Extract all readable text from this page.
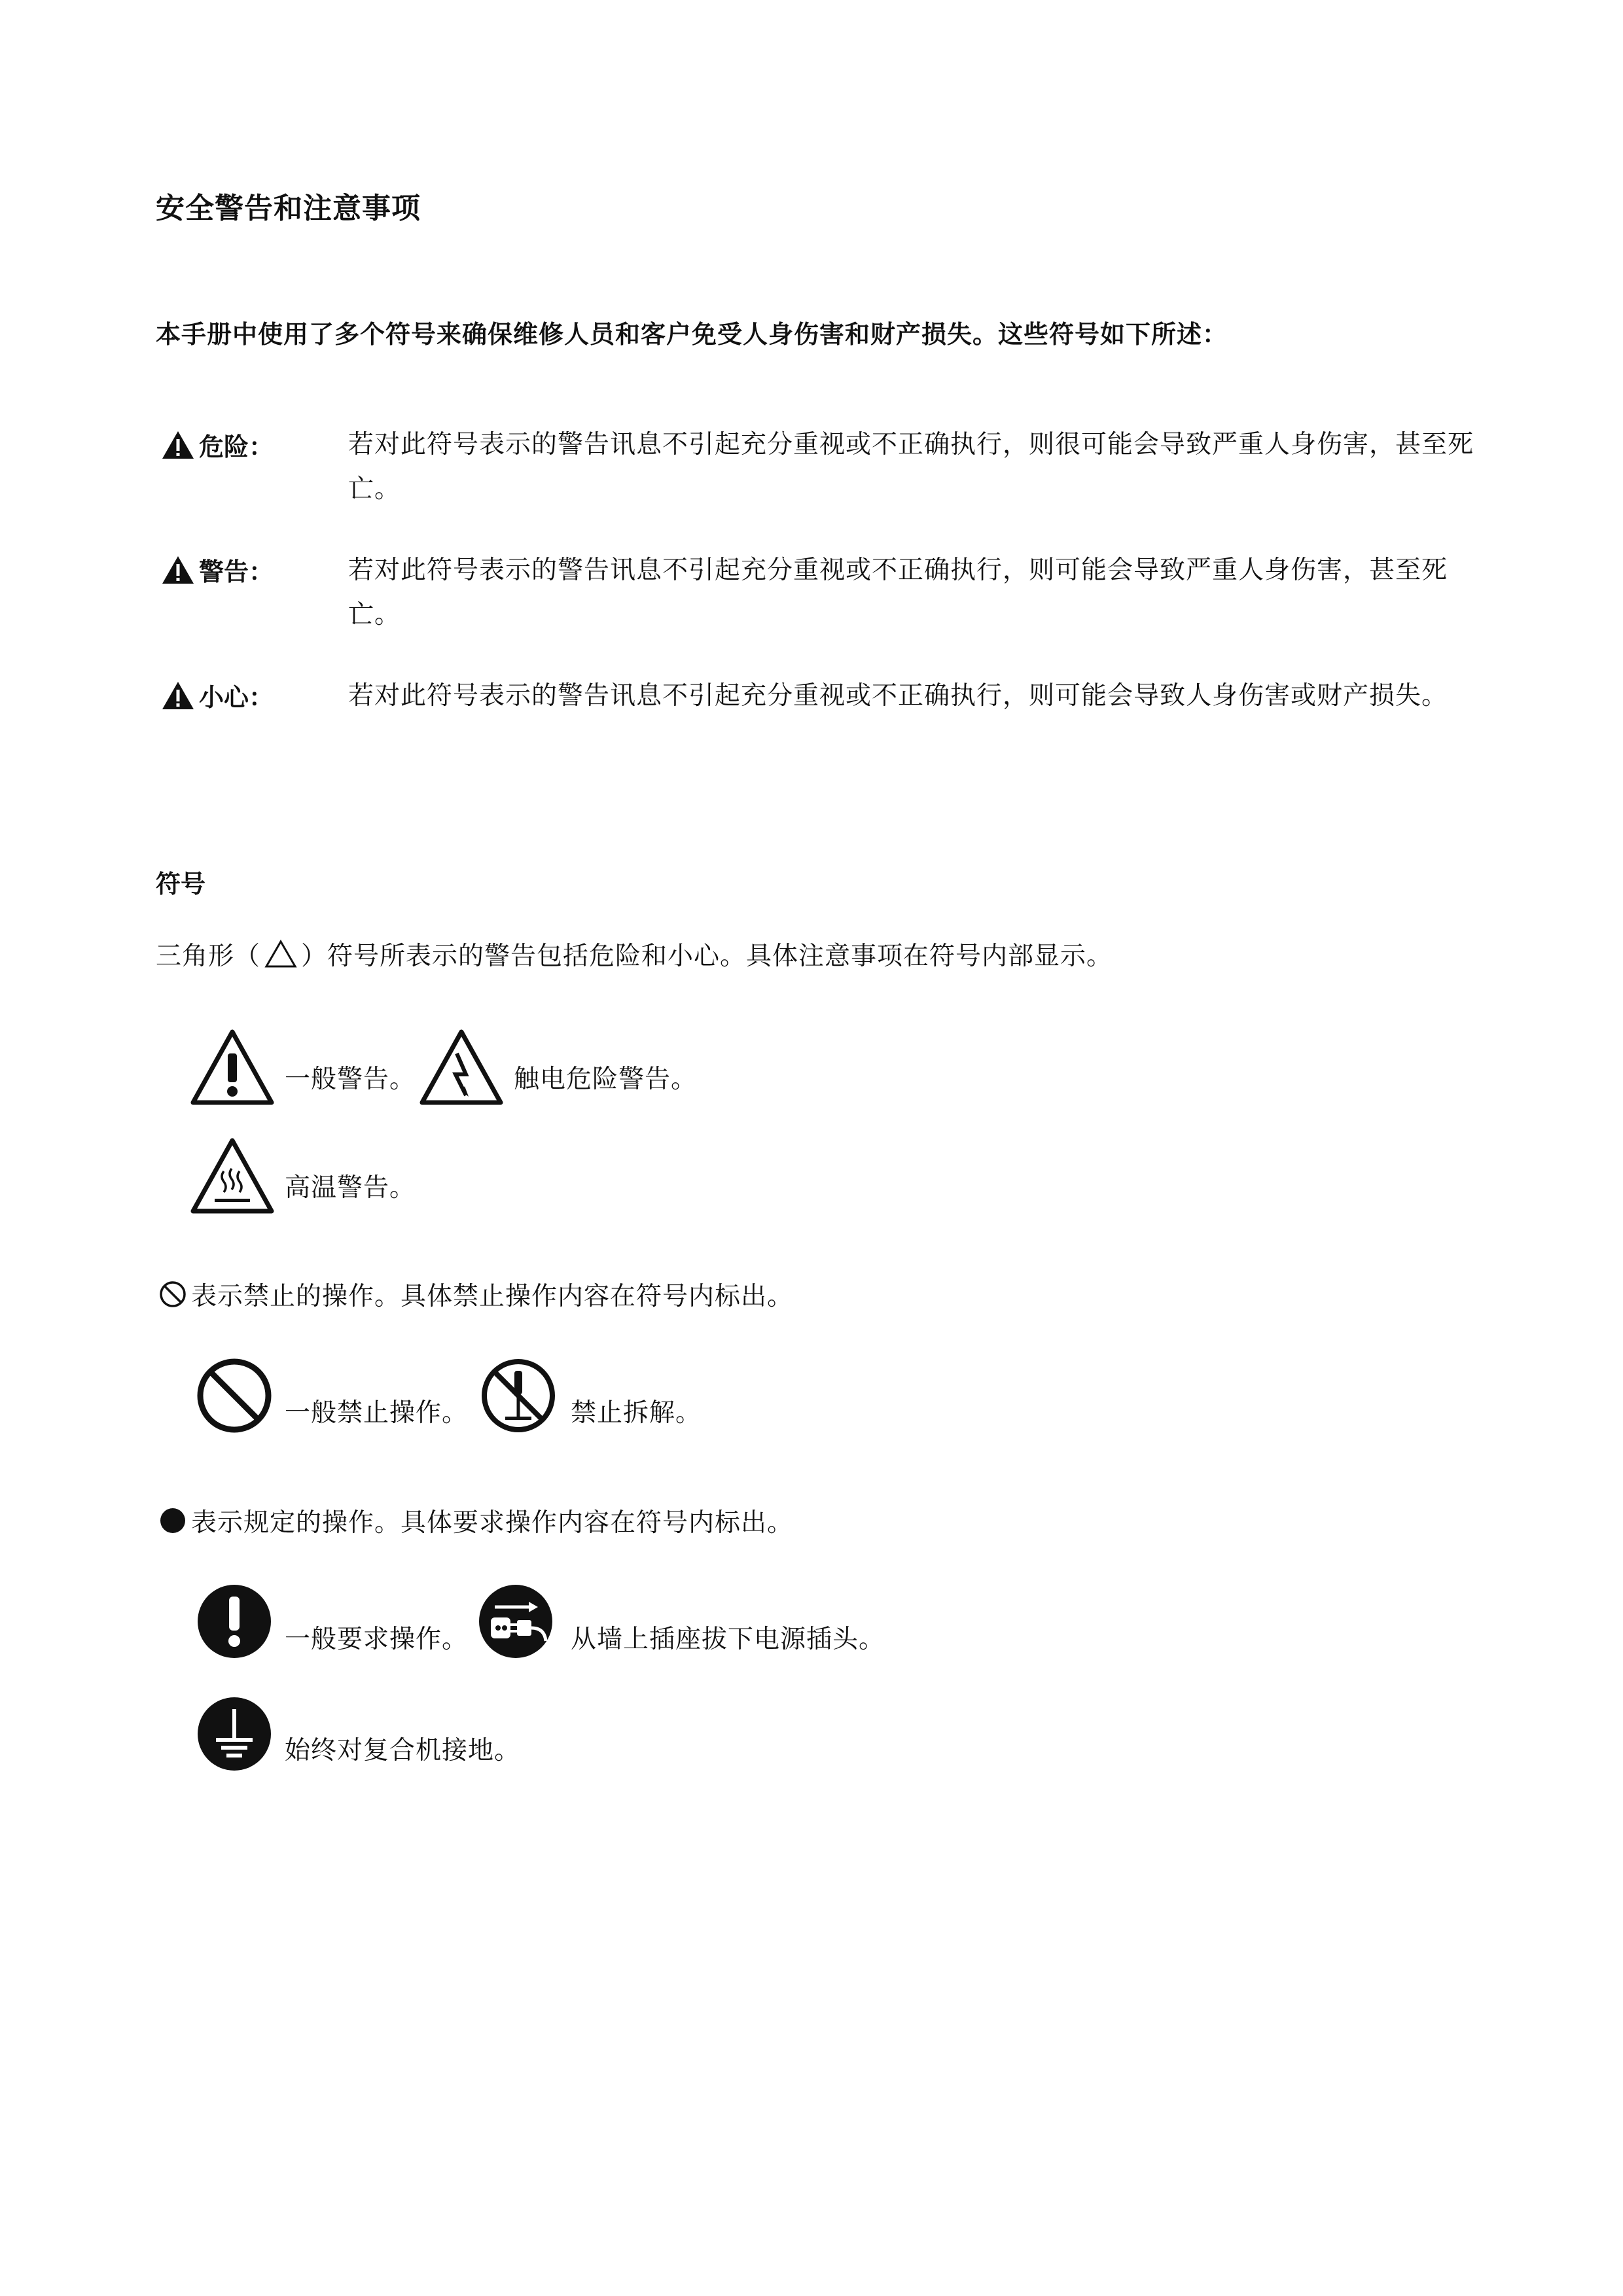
安全警告和注意事项
本手册中使用了多个符号来确保维修人员和客户免受人身伤害和财产损失。这些符号如下所述：
危险：	若对此符号表示的警告讯息不引起充分重视或不正确执行，则很可能会导致严重人身伤害，甚至死亡。
警告：	若对此符号表示的警告讯息不引起充分重视或不正确执行，则可能会导致严重人身伤害，甚至死亡。
小心：	若对此符号表示的警告讯息不引起充分重视或不正确执行，则可能会导致人身伤害或财产损失。
符号
三角形（ ）符号所表示的警告包括危险和小心。具体注意事项在符号内部显示。
一般警告。	触电危险警告。
高温警告。
表示禁止的操作。具体禁止操作内容在符号内标出。
一般禁止操作。	禁止拆解。
表示规定的操作。具体要求操作内容在符号内标出。
一般要求操作。	从墙上插座拔下电源插头。
始终对复合机接地。
